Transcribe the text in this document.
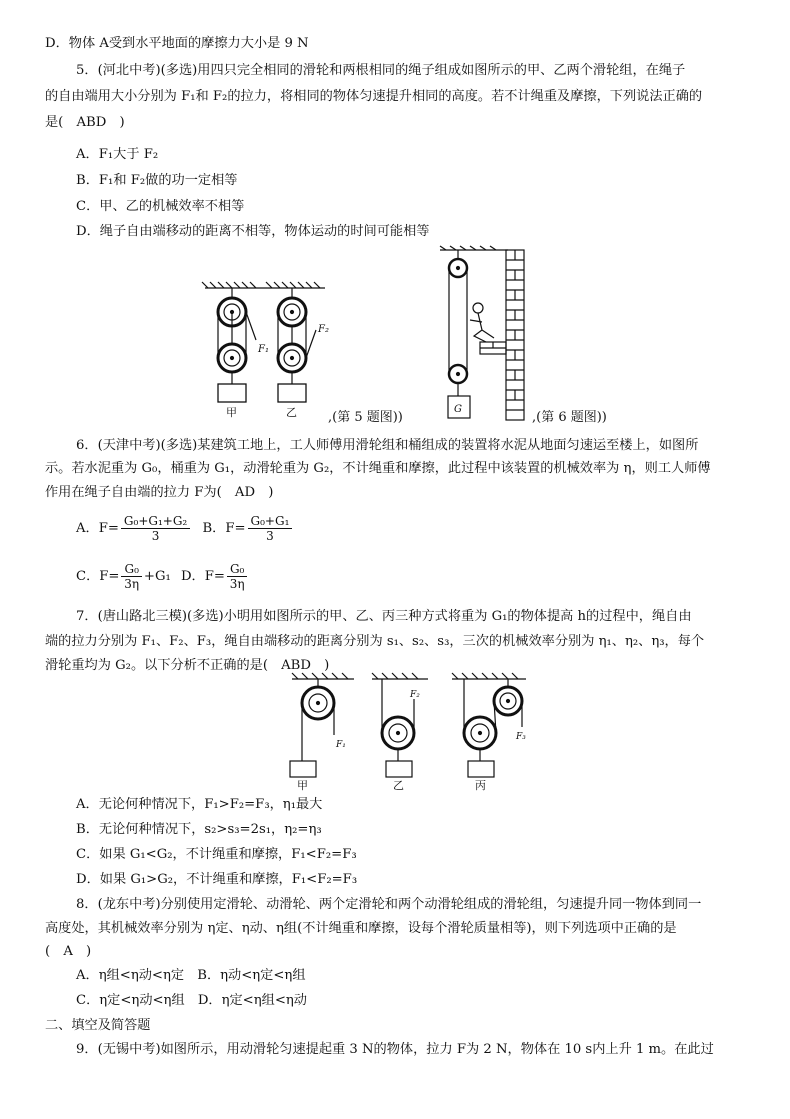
D．物体 A受到水平地面的摩擦力大小是 9 N
5．(河北中考)(多选)用四只完全相同的滑轮和两根相同的绳子组成如图所示的甲、乙两个滑轮组，在绳子
的自由端用大小分别为 F₁和 F₂的拉力，将相同的物体匀速提升相同的高度。若不计绳重及摩擦，下列说法正确的
是(　ABD　)
A．F₁大于 F₂
B．F₁和 F₂做的功一定相等
C．甲、乙的机械效率不相等
D．绳子自由端移动的距离不相等，物体运动的时间可能相等
F₁
F₂
甲	乙 ,(第 5 题图))
G
,(第 6 题图))
6．(天津中考)(多选)某建筑工地上，工人师傅用滑轮组和桶组成的装置将水泥从地面匀速运至楼上，如图所
示。若水泥重为 G₀，桶重为 G₁，动滑轮重为 G₂，不计绳重和摩擦，此过程中该装置的机械效率为 η，则工人师傅
作用在绳子自由端的拉力 F为(　AD　)
A．$F= \frac{\text{G₀+G₁+G₂}}{3}$ B．$F= \frac{\text{G₀+G₁}}{3}$
C．$F= \frac{\text{G₀}}{3\eta} +G_1$ D．$F= \frac{\text{G₀}}{3\eta}$
7．(唐山路北三模)(多选)小明用如图所示的甲、乙、丙三种方式将重为 G₁的物体提高 h的过程中，绳自由
端的拉力分别为 F₁、F₂、F₃，绳自由端移动的距离分别为 s₁、s₂、s₃，三次的机械效率分别为 η₁、η₂、η₃，每个
滑轮重均为 G₂。以下分析不正确的是(　ABD　)
F₁
F₂
F₃
甲	乙	丙
A．无论何种情况下，F₁>F₂=F₃，η₁最大
B．无论何种情况下，s₂>s₃=2s₁，η₂=η₃
C．如果 G₁<G₂，不计绳重和摩擦，F₁<F₂=F₃
D．如果 G₁>G₂，不计绳重和摩擦，F₁<F₂=F₃
8．(龙东中考)分别使用定滑轮、动滑轮、两个定滑轮和两个动滑轮组成的滑轮组，匀速提升同一物体到同一
高度处，其机械效率分别为 η定、η动、η组(不计绳重和摩擦，设每个滑轮质量相等)，则下列选项中正确的是
(　A　)
A．η组<η动<η定　B．η动<η定<η组
C．η定<η动<η组　D．η定<η组<η动
二、填空及简答题
9．(无锡中考)如图所示，用动滑轮匀速提起重 3 N的物体，拉力 F为 2 N，物体在 10 s内上升 1 m。在此过
